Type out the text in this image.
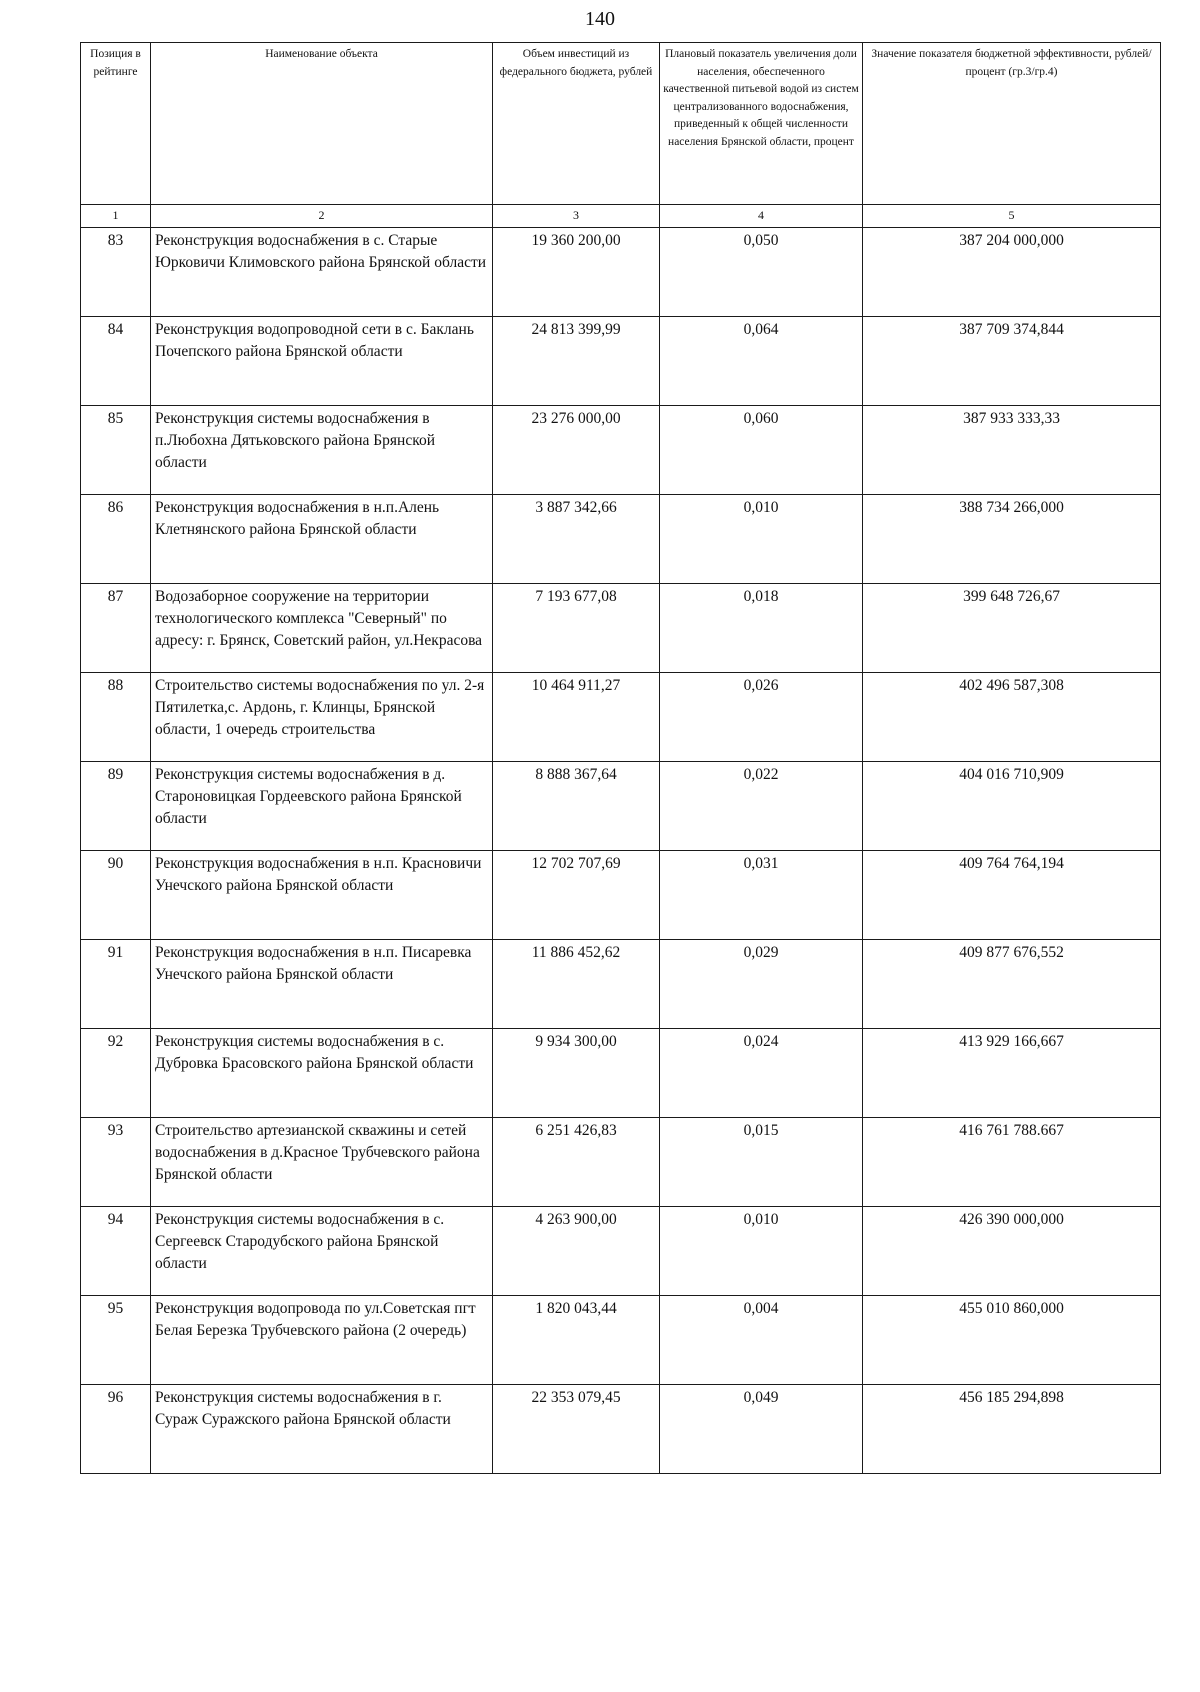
140
Позиция в рейтинге	Наименование объекта	Объем инвестиций из федерального бюджета, рублей	Плановый показатель увеличения доли населения, обеспеченного качественной питьевой водой из систем централизованного водоснабжения, приведенный к общей численности населения Брянской области, процент	Значение показателя бюджетной эффективности, рублей/процент (гр.3/гр.4)
1	2	3	4	5
83	Реконструкция водоснабжения в с. Старые Юрковичи Климовского района Брянской области	19 360 200,00	0,050	387 204 000,000
84	Реконструкция водопроводной сети в с. Баклань Почепского района Брянской области	24 813 399,99	0,064	387 709 374,844
85	Реконструкция системы водоснабжения в п.Любохна Дятьковского района Брянской области	23 276 000,00	0,060	387 933 333,33
86	Реконструкция водоснабжения в н.п.Алень Клетнянского района Брянской области	3 887 342,66	0,010	388 734 266,000
87	Водозаборное сооружение на территории технологического комплекса "Северный" по адресу: г. Брянск, Советский район, ул.Некрасова	7 193 677,08	0,018	399 648 726,67
88	Строительство системы водоснабжения по ул. 2-я Пятилетка,с. Ардонь, г. Клинцы, Брянской области, 1 очередь строительства	10 464 911,27	0,026	402 496 587,308
89	Реконструкция системы водоснабжения в д. Староновицкая Гордеевского района Брянской области	8 888 367,64	0,022	404 016 710,909
90	Реконструкция водоснабжения в н.п. Красновичи Унечского района Брянской области	12 702 707,69	0,031	409 764 764,194
91	Реконструкция водоснабжения в н.п. Писаревка Унечского района Брянской области	11 886 452,62	0,029	409 877 676,552
92	Реконструкция системы водоснабжения в с. Дубровка Брасовского района Брянской области	9 934 300,00	0,024	413 929 166,667
93	Строительство артезианской скважины и сетей водоснабжения в д.Красное Трубчевского района Брянской области	6 251 426,83	0,015	416 761 788.667
94	Реконструкция системы водоснабжения в с. Сергеевск Стародубского района Брянской области	4 263 900,00	0,010	426 390 000,000
95	Реконструкция водопровода по ул.Советская пгт Белая Березка Трубчевского района (2 очередь)	1 820 043,44	0,004	455 010 860,000
96	Реконструкция системы водоснабжения в г. Сураж Суражского района Брянской области	22 353 079,45	0,049	456 185 294,898
